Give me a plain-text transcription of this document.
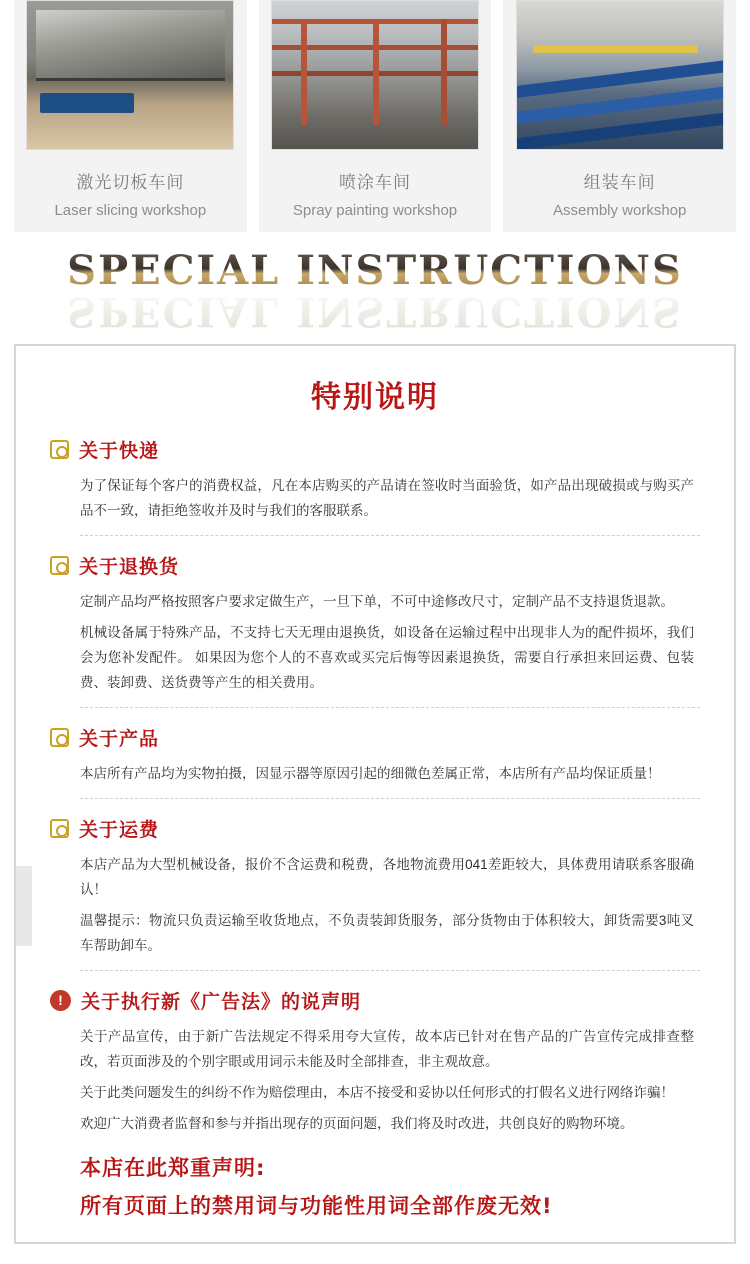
激光切板车间
Laser slicing workshop
喷涂车间
Spray painting workshop
组装车间
Assembly workshop
SPECIAL INSTRUCTIONS
SPECIAL INSTRUCTIONS
特别说明
关于快递

为了保证每个客户的消费权益，凡在本店购买的产品请在签收时当面验货，如产品出现破损或与购买产品不一致，请拒绝签收并及时与我们的客服联系。

关于退换货

定制产品均严格按照客户要求定做生产，一旦下单，不可中途修改尺寸，定制产品不支持退货退款。

机械设备属于特殊产品，不支持七天无理由退换货，如设备在运输过程中出现非人为的配件损坏，我们会为您补发配件。 如果因为您个人的不喜欢或买完后悔等因素退换货，需要自行承担来回运费、包装费、装卸费、送货费等产生的相关费用。

关于产品

本店所有产品均为实物拍摄，因显示器等原因引起的细微色差属正常，本店所有产品均保证质量！

关于运费

本店产品为大型机械设备，报价不含运费和税费，各地物流费用041差距较大，具体费用请联系客服确认！

温馨提示：物流只负责运输至收货地点，不负责装卸货服务，部分货物由于体积较大，卸货需要3吨叉车帮助卸车。

! 关于执行新《广告法》的说声明

关于产品宣传，由于新广告法规定不得采用夸大宣传，故本店已针对在售产品的广告宣传完成排查整改，若页面涉及的个别字眼或用词示未能及时全部排查，非主观故意。

关于此类问题发生的纠纷不作为赔偿理由，本店不接受和妥协以任何形式的打假名义进行网络诈骗！

欢迎广大消费者监督和参与并指出现存的页面问题，我们将及时改进，共创良好的购物环境。

本店在此郑重声明:

所有页面上的禁用词与功能性用词全部作废无效!
